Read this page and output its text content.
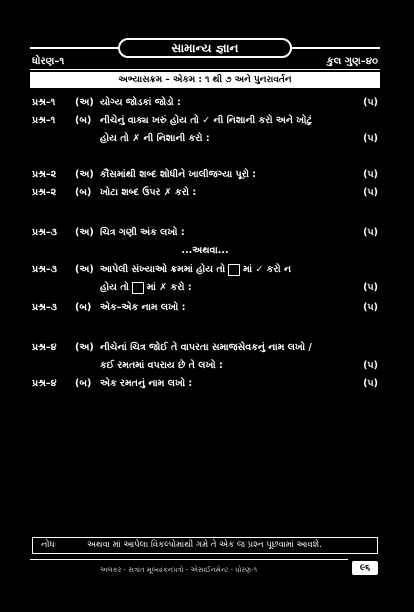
સામાન્ય જ્ઞાન
ધોરણ–૧	કુલ ગુણ–૪૦
અભ્યાસક્રમ – એકમ : ૧ થી ૭ અને પુનરાવર્તન
પ્રશ્ર–૧ (અ) યોગ્ય જોડકાં જોડો :	(૫)
પ્રશ્ર–૧ (બ) નીચેનું વાક્ય ખરું હોય તો ✓ ની નિશાની કરો અને ખોટું
હોય તો ✗ ની નિશાની કરો :	(૫)
પ્રશ્ર–૨ (અ) કૌંસમાંથી શબ્દ શોધીને ખાલીજગ્યા પૂરો :	(૫)
પ્રશ્ર–૨ (બ) ખોટા શબ્દ ઉપર ✗ કરો :	(૫)
પ્રશ્ર–૩ (અ) ચિત્ર ગણી અંક લખો :	(૫)
...અથવા...
પ્રશ્ર–૩ (અ) આપેલી સંખ્યાઓ ક્રમમાં હોય તો માં ✓ કરો ન
હોય તો માં ✗ કરો :	(૫)
પ્રશ્ર–૩ (બ) એક–એક નામ લખો :	(૫)
પ્રશ્ર–૪ (અ) નીચેનાં ચિત્ર જોઈ તે વાપરતા સમાજસેવકનું નામ લખો /
કઈ રમતમાં વપરાય છે તે લખો :	(૫)
પ્રશ્ર–૪ (બ) એક રમતનું નામ લખો :	(૫)
નોંધઃ	અથવા માં આપેલા વિકલ્પોમાંથી ગમે તે એક જ પ્રશ્ન પૂછવામાં આવશે.
અલકર - સત્રાંત મૂલ્યાંકનપત્રો - એસાઈનમેન્ટ - ધોરણ-૧	૯૬
